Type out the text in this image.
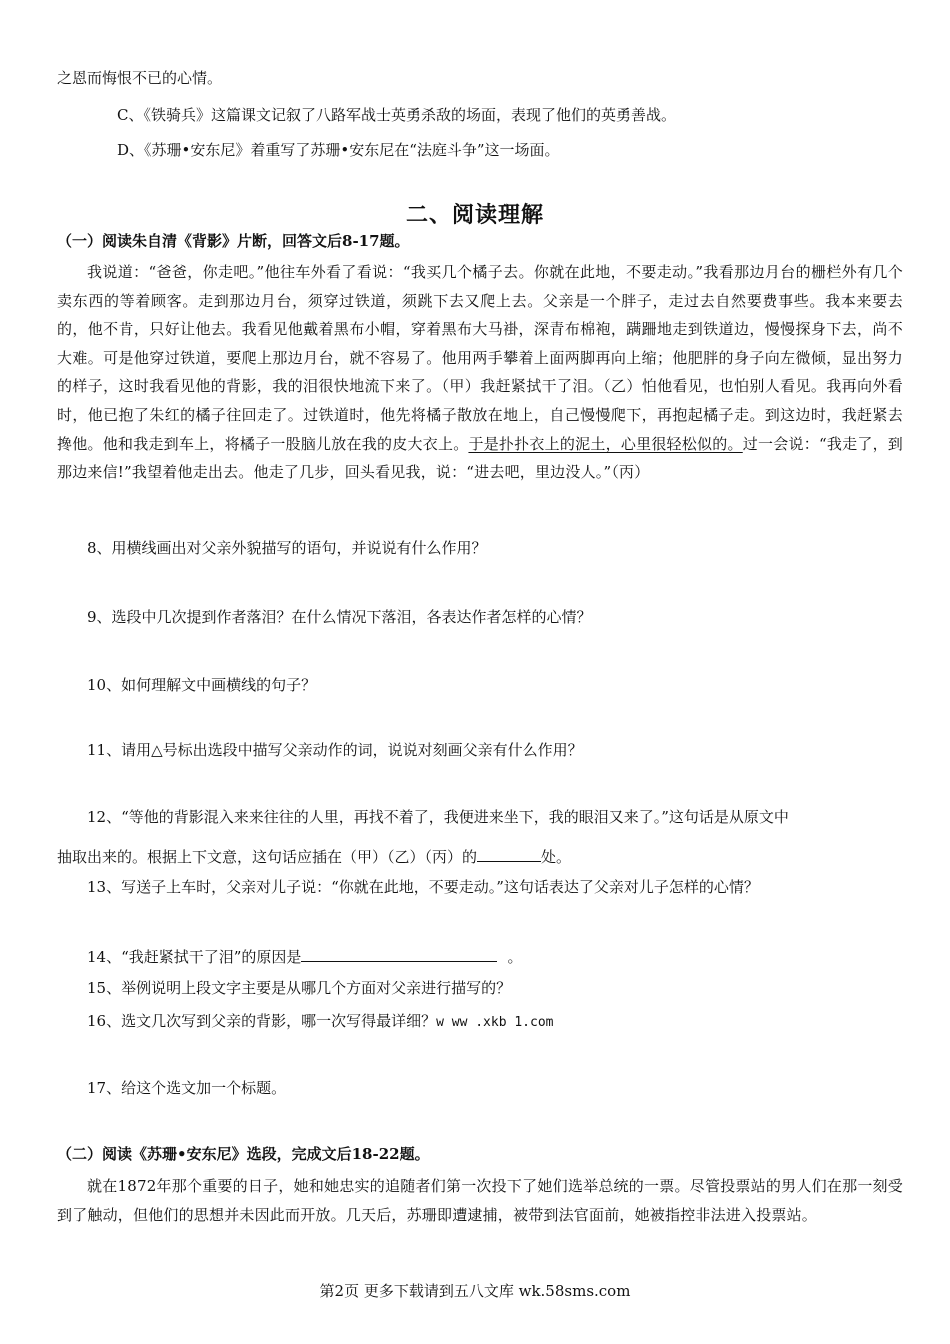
之恩而悔恨不已的心情。
C、《铁骑兵》这篇课文记叙了八路军战士英勇杀敌的场面，表现了他们的英勇善战。
D、《苏珊•安东尼》着重写了苏珊•安东尼在“法庭斗争”这一场面。
二、阅读理解
（一）阅读朱自清《背影》片断，回答文后8-17题。
我说道：“爸爸，你走吧。”他往车外看了看说：“我买几个橘子去。你就在此地，不要走动。”我看那边月台的栅栏外有几个卖东西的等着顾客。走到那边月台，须穿过铁道，须跳下去又爬上去。父亲是一个胖子，走过去自然要费事些。我本来要去的，他不肯，只好让他去。我看见他戴着黑布小帽，穿着黑布大马褂，深青布棉袍，蹒跚地走到铁道边，慢慢探身下去，尚不大难。可是他穿过铁道，要爬上那边月台，就不容易了。他用两手攀着上面两脚再向上缩；他肥胖的身子向左微倾，显出努力的样子，这时我看见他的背影，我的泪很快地流下来了。（甲）我赶紧拭干了泪。（乙）怕他看见，也怕别人看见。我再向外看时，他已抱了朱红的橘子往回走了。过铁道时，他先将橘子散放在地上，自己慢慢爬下，再抱起橘子走。到这边时，我赶紧去搀他。他和我走到车上，将橘子一股脑儿放在我的皮大衣上。于是扑扑衣上的泥土，心里很轻松似的。过一会说：“我走了，到那边来信!”我望着他走出去。他走了几步，回头看见我，说：“进去吧，里边没人。”（丙）
8、用横线画出对父亲外貌描写的语句，并说说有什么作用？
9、选段中几次提到作者落泪？在什么情况下落泪，各表达作者怎样的心情？
10、如何理解文中画横线的句子？
11、请用△号标出选段中描写父亲动作的词，说说对刻画父亲有什么作用？
12、“等他的背影混入来来往往的人里，再找不着了，我便进来坐下，我的眼泪又来了。”这句话是从原文中
抽取出来的。根据上下文意，这句话应插在（甲）（乙）（丙）的	处。
13、写送子上车时，父亲对儿子说：“你就在此地，不要走动。”这句话表达了父亲对儿子怎样的心情？
14、“我赶紧拭干了泪”的原因是	。
15、举例说明上段文字主要是从哪几个方面对父亲进行描写的？
16、选文几次写到父亲的背影，哪一次写得最详细？w ww .xkb 1.com
17、给这个选文加一个标题。
（二）阅读《苏珊•安东尼》选段，完成文后18-22题。
就在1872年那个重要的日子，她和她忠实的追随者们第一次投下了她们选举总统的一票。尽管投票站的男人们在那一刻受到了触动，但他们的思想并未因此而开放。几天后，苏珊即遭逮捕，被带到法官面前，她被指控非法进入投票站。
第2页 更多下载请到五八文库 wk.58sms.com
